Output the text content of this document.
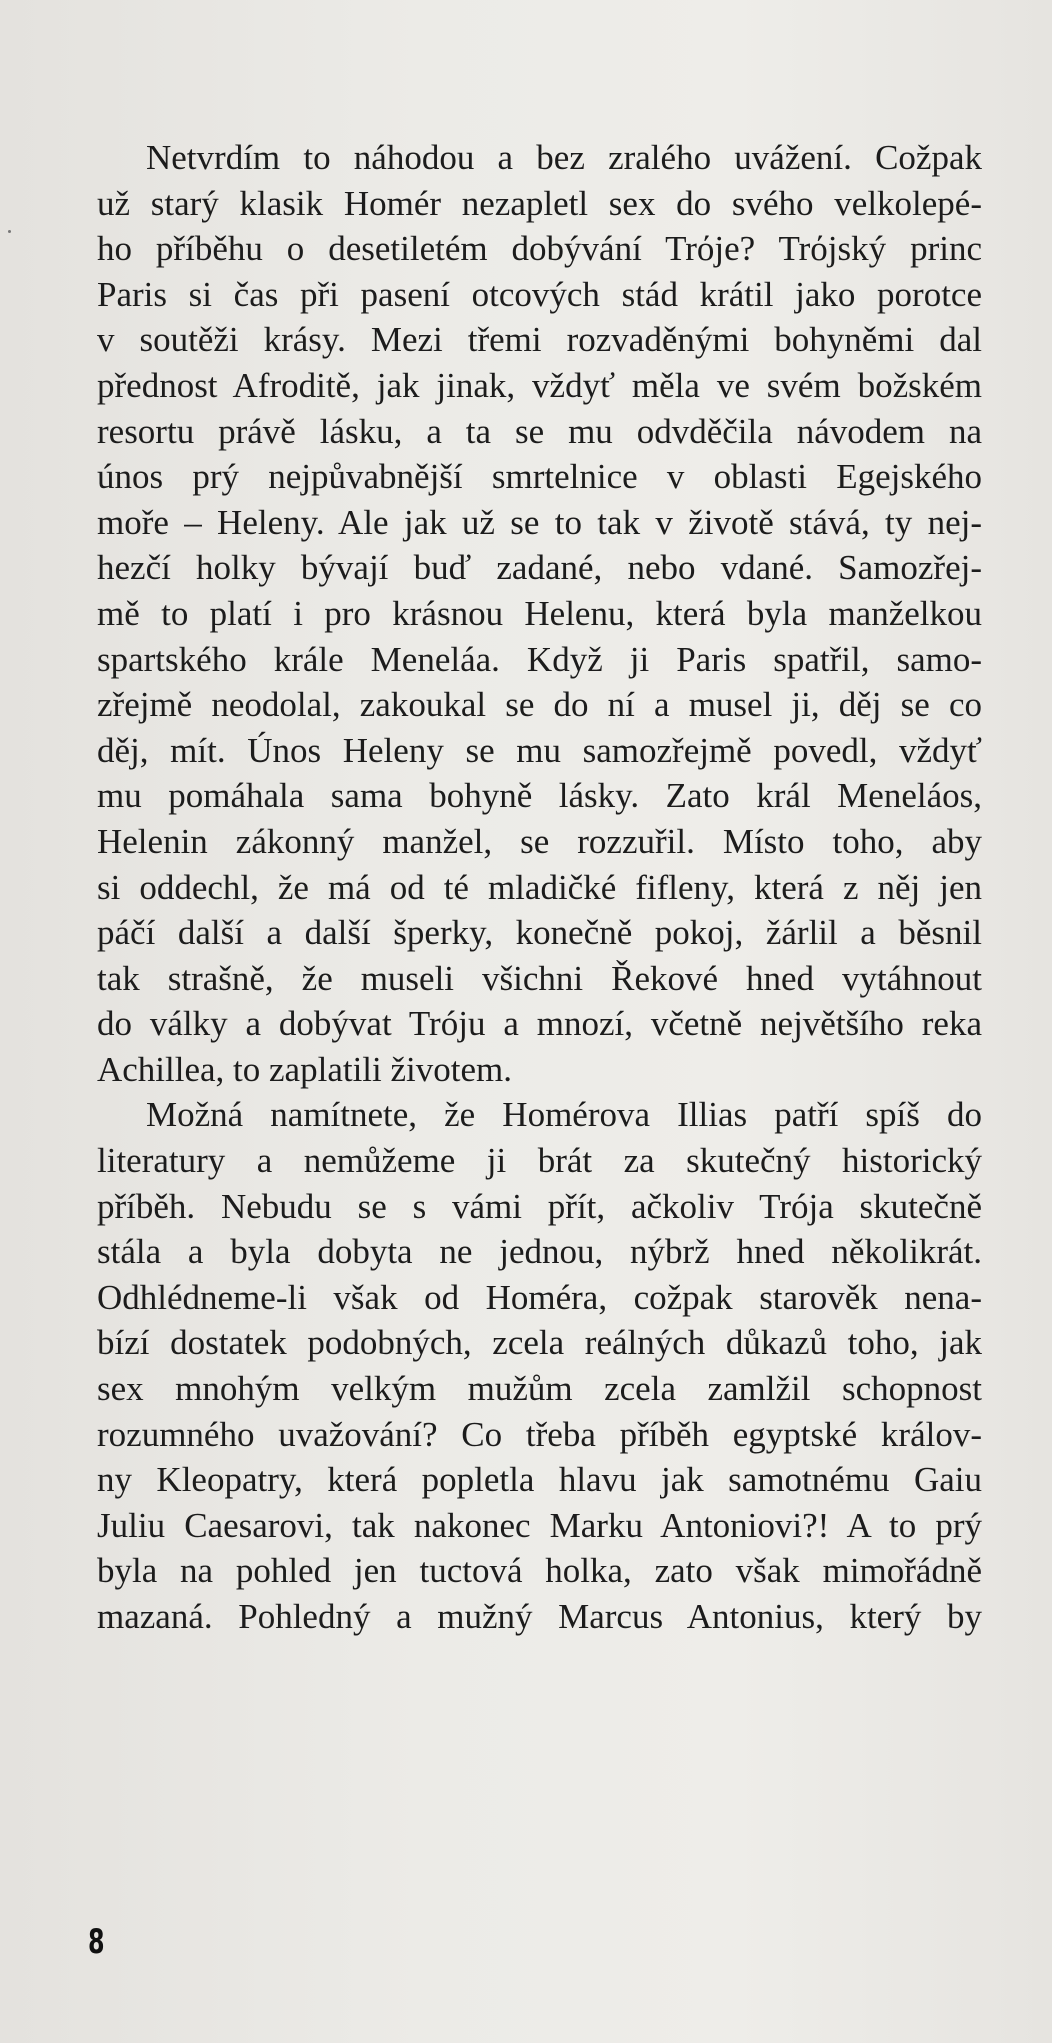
Netvrdím to náhodou a bez zralého uvážení. Cožpak
už starý klasik Homér nezapletl sex do svého velkolepé-
ho příběhu o desetiletém dobývání Trόje? Trόjský princ
Paris si čas při pasení otcových stád krátil jako porotce
v soutěži krásy. Mezi třemi rozvaděnými bohyněmi dal
přednost Afroditě, jak jinak, vždyť měla ve svém božském
resortu právě lásku, a ta se mu odvděčila návodem na
únos prý nejpůvabnější smrtelnice v oblasti Egejského
moře – Heleny. Ale jak už se to tak v životě stává, ty nej-
hezčí holky bývají buď zadané, nebo vdané. Samozřej-
mě to platí i pro krásnou Helenu, která byla manželkou
spartského krále Meneláa. Když ji Paris spatřil, samo-
zřejmě neodolal, zakoukal se do ní a musel ji, děj se co
děj, mít. Únos Heleny se mu samozřejmě povedl, vždyť
mu pomáhala sama bohyně lásky. Zato král Meneláos,
Helenin zákonný manžel, se rozzuřil. Místo toho, aby
si oddechl, že má od té mladičké fifleny, která z něj jen
páčí další a další šperky, konečně pokoj, žárlil a běsnil
tak strašně, že museli všichni Řekové hned vytáhnout
do války a dobývat Tróju a mnozí, včetně největšího reka
Achillea, to zaplatili životem.
Možná namítnete, že Homérova Illias patří spíš do
literatury a nemůžeme ji brát za skutečný historický
příběh. Nebudu se s vámi přít, ačkoliv Trója skutečně
stála a byla dobyta ne jednou, nýbrž hned několikrát.
Odhlédneme-li však od Homéra, cožpak starověk nena-
bízí dostatek podobných, zcela reálných důkazů toho, jak
sex mnohým velkým mužům zcela zamlžil schopnost
rozumného uvažování? Co třeba příběh egyptské králov-
ny Kleopatry, která popletla hlavu jak samotnému Gaiu
Juliu Caesarovi, tak nakonec Marku Antoniovi?! A to prý
byla na pohled jen tuctová holka, zato však mimořádně
mazaná. Pohledný a mužný Marcus Antonius, který by
8
